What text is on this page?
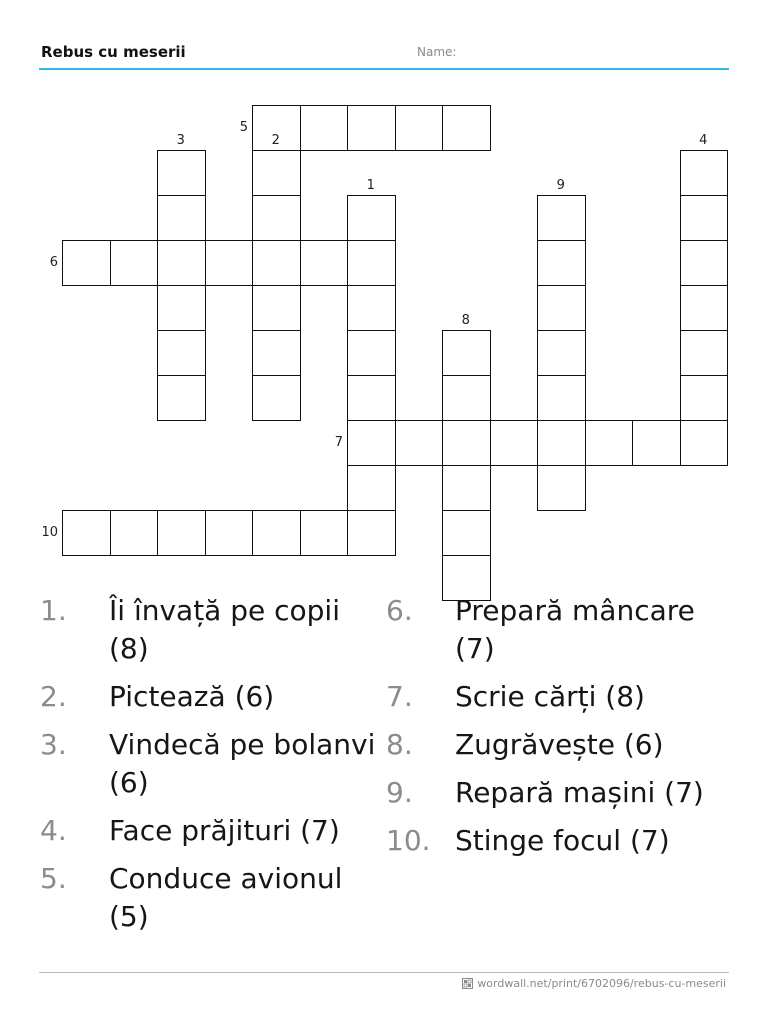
Rebus cu meserii	Name:
1
2
3	4
5
6
7
8
9
10
1.	Îi învață pe copii (8)
2.	Pictează (6)
3.	Vindecă pe bolanvi (6)
4.	Face prăjituri (7)
5.	Conduce avionul (5)
6.	Prepară mâncare (7)
7.	Scrie cărți (8)
8.	Zugrăvește (6)
9.	Repară mașini (7)
10. Stinge focul (7)
wordwall.net/print/6702096/rebus-cu-meserii
